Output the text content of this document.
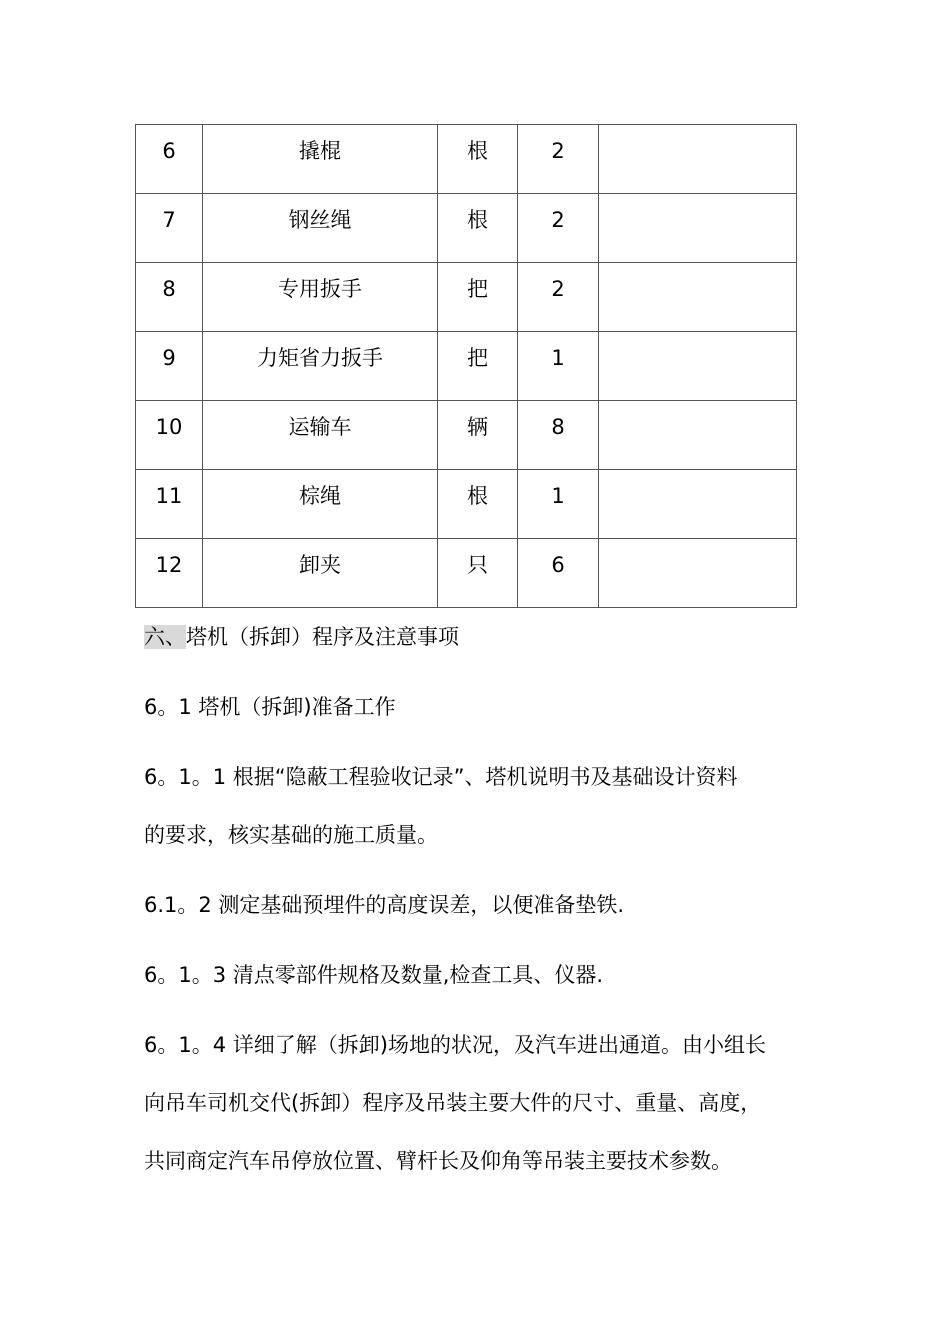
6	撬棍	根	2	

7	钢丝绳	根	2	

8	专用扳手	把	2	

9	力矩省力扳手	把	1	

10	运输车	辆	8	

11	棕绳	根	1	

12	卸夹	只	6	

六、塔机（拆卸）程序及注意事项

6。1 塔机（拆卸)准备工作

6。1。1 根据“隐蔽工程验收记录”、塔机说明书及基础设计资料

的要求，核实基础的施工质量。

6.1。2 测定基础预埋件的高度误差，以便准备垫铁.

6。1。3 清点零部件规格及数量,检查工具、仪器.

6。1。4 详细了解（拆卸)场地的状况，及汽车进出通道。由小组长

向吊车司机交代(拆卸）程序及吊装主要大件的尺寸、重量、高度，

共同商定汽车吊停放位置、臂杆长及仰角等吊装主要技术参数。
